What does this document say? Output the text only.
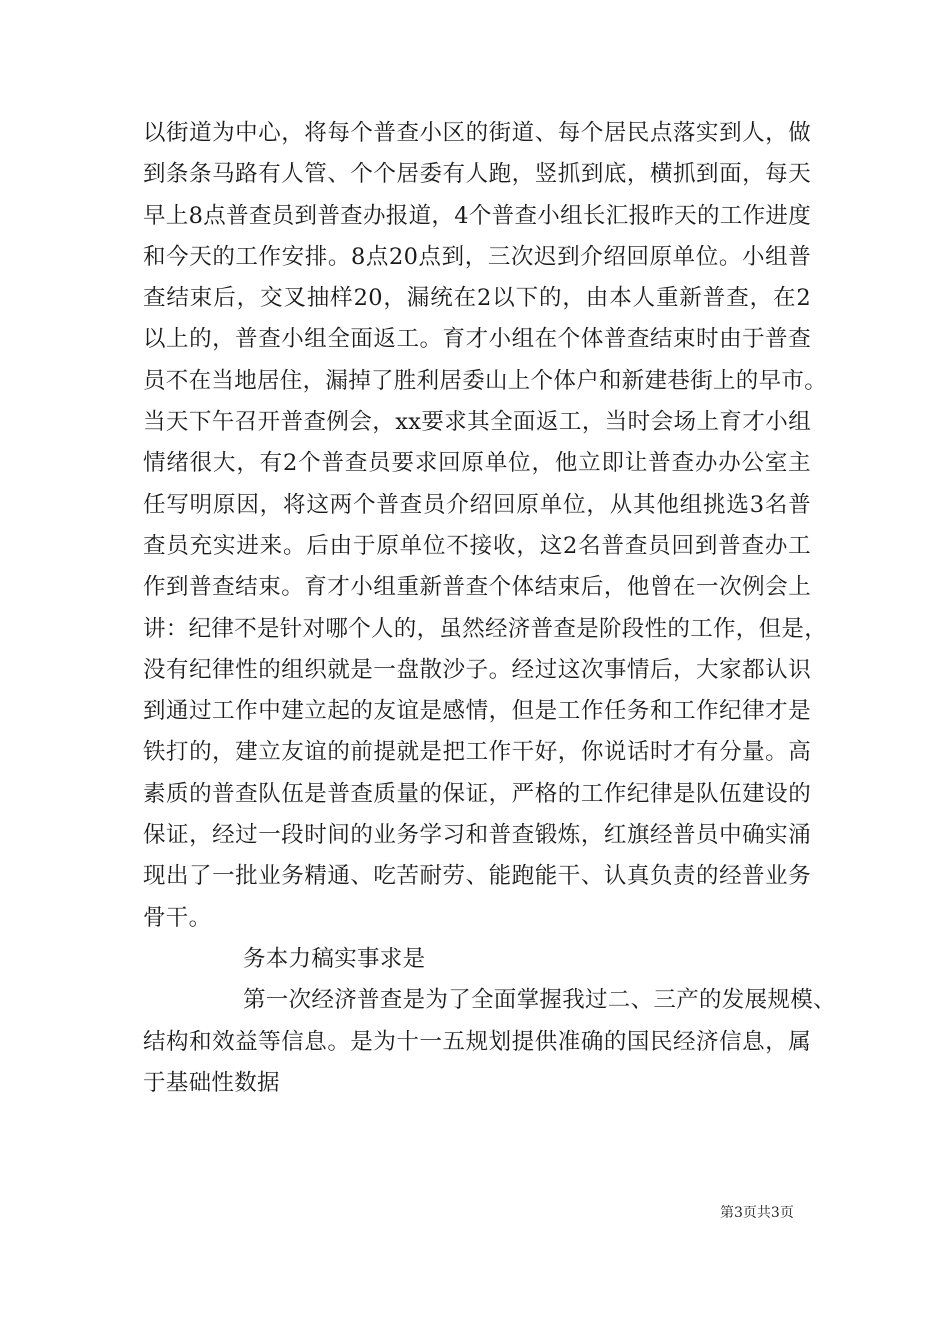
以街道为中心，将每个普查小区的街道、每个居民点落实到人，做
到条条马路有人管、个个居委有人跑，竖抓到底，横抓到面，每天
早上8点普查员到普查办报道，4个普查小组长汇报昨天的工作进度
和今天的工作安排。8点20点到，三次迟到介绍回原单位。小组普
查结束后，交叉抽样20，漏统在2以下的，由本人重新普查，在2
以上的，普查小组全面返工。育才小组在个体普查结束时由于普查
员不在当地居住，漏掉了胜利居委山上个体户和新建巷街上的早市。
当天下午召开普查例会，xx要求其全面返工，当时会场上育才小组
情绪很大，有2个普查员要求回原单位，他立即让普查办办公室主
任写明原因，将这两个普查员介绍回原单位，从其他组挑选3名普
查员充实进来。后由于原单位不接收，这2名普查员回到普查办工
作到普查结束。育才小组重新普查个体结束后，他曾在一次例会上
讲：纪律不是针对哪个人的，虽然经济普查是阶段性的工作，但是，
没有纪律性的组织就是一盘散沙子。经过这次事情后，大家都认识
到通过工作中建立起的友谊是感情，但是工作任务和工作纪律才是
铁打的，建立友谊的前提就是把工作干好，你说话时才有分量。高
素质的普查队伍是普查质量的保证，严格的工作纪律是队伍建设的
保证，经过一段时间的业务学习和普查锻炼，红旗经普员中确实涌
现出了一批业务精通、吃苦耐劳、能跑能干、认真负责的经普业务
骨干。
务本力稿实事求是
第一次经济普查是为了全面掌握我过二、三产的发展规模、
结构和效益等信息。是为十一五规划提供准确的国民经济信息，属
于基础性数据
第3页共3页
